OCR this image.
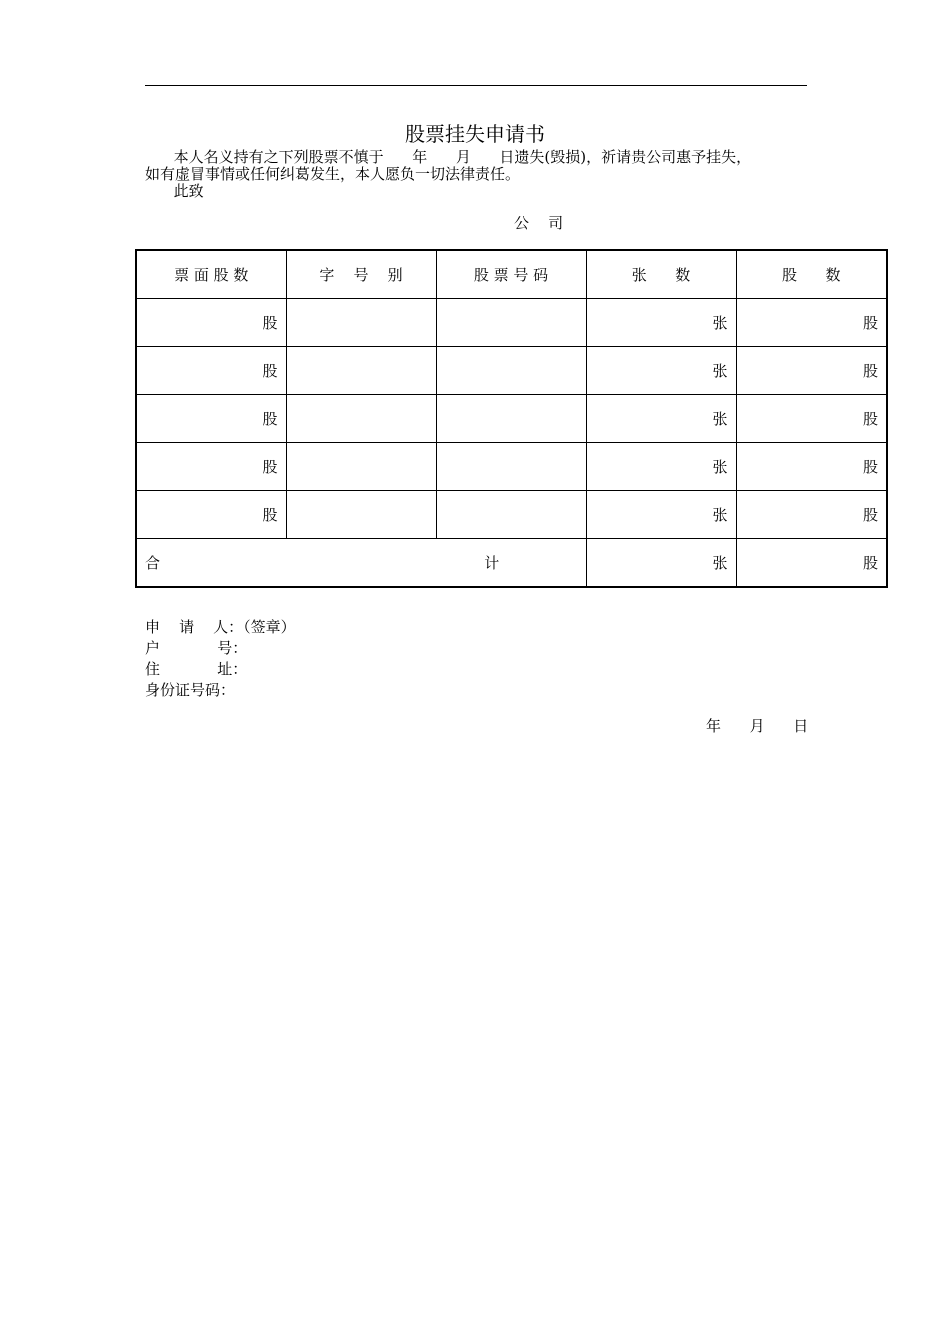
股票挂失申请书
本人名义持有之下列股票不慎于      年      月      日遗失(毁损)，祈请贵公司惠予挂失，
如有虚冒事情或任何纠葛发生，本人愿负一切法律责任。
此致
公    司
票 面 股 数	字    号    别	股 票 号 码	张      数	股      数
股			张	股
股			张	股
股			张	股
股			张	股
股			张	股
合                                                                    计			张	股
申    请    人：（签章）
户            号：
住            址：
身份证号码：
年      月      日
